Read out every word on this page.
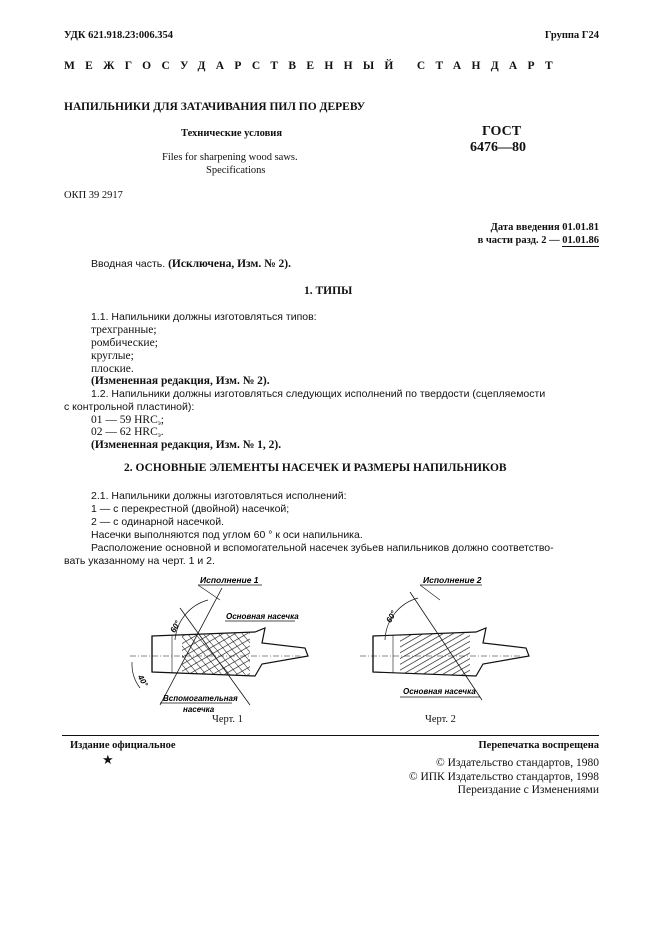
УДК 621.918.23:006.354	Группа Г24
МЕЖГОСУДАРСТВЕННЫЙ СТАНДАРТ
НАПИЛЬНИКИ ДЛЯ ЗАТАЧИВАНИЯ ПИЛ ПО ДЕРЕВУ
Технические условия
Files for sharpening wood saws.
Specifications
ГОСТ
6476—80
ОКП 39 2917
Дата введения 01.01.81
в части разд. 2 — 01.01.86
Вводная часть. (Исключена, Изм. № 2).
1. ТИПЫ
1.1. Напильники должны изготовляться типов:
трехгранные;
ромбические;
круглые;
плоские.
(Измененная редакция, Изм. № 2).
1.2. Напильники должны изготовляться следующих исполнений по твердости (сцепляемости
с контрольной пластиной):
01 — 59 $HRC_э$;
02 — 62 $HRC_э$.
(Измененная редакция, Изм. № 1, 2).
2. ОСНОВНЫЕ ЭЛЕМЕНТЫ НАСЕЧЕК И РАЗМЕРЫ НАПИЛЬНИКОВ
2.1. Напильники должны изготовляться исполнений:
1 — с перекрестной (двойной) насечкой;
2 — с одинарной насечкой.
Насечки выполняются под углом 60 ° к оси напильника.
Расположение основной и вспомогательной насечек зубьев напильников должно соответство-
вать указанному на черт. 1 и 2.
Исполнение 1
60°
40°
Основная насечка
Вспомогательная
насечка
Исполнение 2
60°
Основная насечка
Черт. 1	Черт. 2
Издание официальное
★
Перепечатка воспрещена
© Издательство стандартов, 1980
© ИПК Издательство стандартов, 1998
Переиздание с Изменениями
